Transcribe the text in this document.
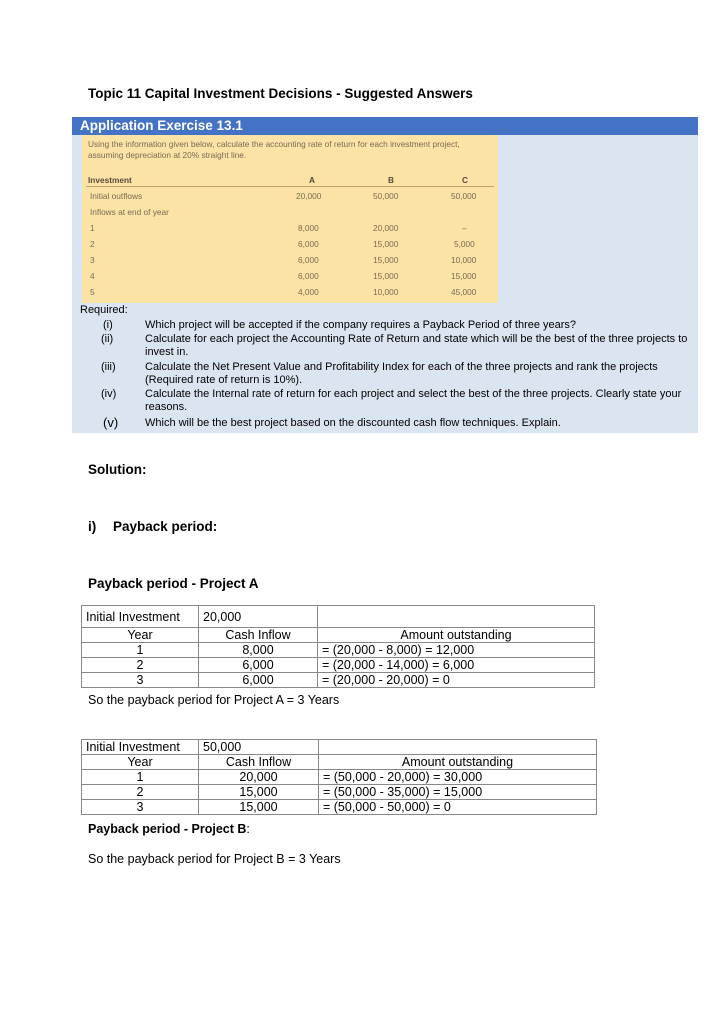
Topic 11 Capital Investment Decisions - Suggested Answers
Application Exercise 13.1
Using the information given below, calculate the accounting rate of return for each investment project, assuming depreciation at 20% straight line.
Investment	A	B	C
Initial outflows	20,000	50,000	50,000
Inflows at end of year
1	8,000	20,000	–
2	6,000	15,000	5,000
3	6,000	15,000	10,000
4	6,000	15,000	15,000
5	4,000	10,000	45,000
Required:
(i)	Which project will be accepted if the company requires a Payback Period of three years?
(ii)	Calculate for each project the Accounting Rate of Return and state which will be the best of the three projects to invest in.
(iii)	Calculate the Net Present Value and Profitability Index for each of the three projects and rank the projects (Required rate of return is 10%).
(iv)	Calculate the Internal rate of return for each project and select the best of the three projects. Clearly state your reasons.
(v) Which will be the best project based on the discounted cash flow techniques. Explain.
Solution:
i) Payback period:
Payback period - Project A
Initial Investment	20,000	
Year	Cash Inflow	Amount outstanding
1	8,000	= (20,000 - 8,000) = 12,000
2	6,000	= (20,000 - 14,000) = 6,000
3	6,000	= (20,000 - 20,000) = 0
So the payback period for Project A = 3 Years
Initial Investment	50,000	
Year	Cash Inflow	Amount outstanding
1	20,000	= (50,000 - 20,000) = 30,000
2	15,000	= (50,000 - 35,000) = 15,000
3	15,000	= (50,000 - 50,000) = 0
Payback period - Project B:
So the payback period for Project B = 3 Years
